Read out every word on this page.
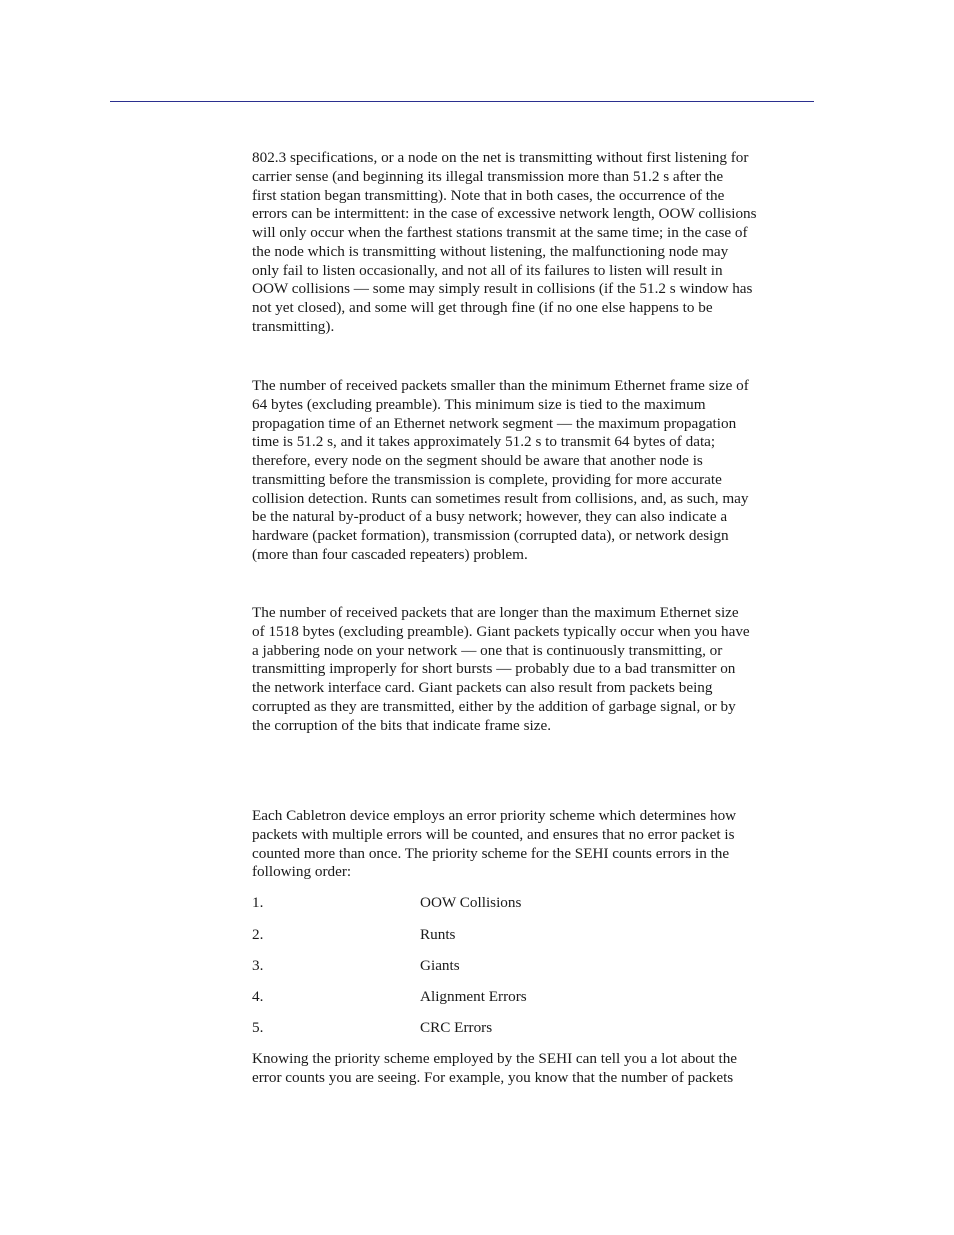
802.3 specifications, or a node on the net is transmitting without first listening for
carrier sense (and beginning its illegal transmission more than 51.2 s after the
first station began transmitting). Note that in both cases, the occurrence of the
errors can be intermittent: in the case of excessive network length, OOW collisions
will only occur when the farthest stations transmit at the same time; in the case of
the node which is transmitting without listening, the malfunctioning node may
only fail to listen occasionally, and not all of its failures to listen will result in
OOW collisions — some may simply result in collisions (if the 51.2 s window has
not yet closed), and some will get through fine (if no one else happens to be
transmitting).

The number of received packets smaller than the minimum Ethernet frame size of
64 bytes (excluding preamble). This minimum size is tied to the maximum
propagation time of an Ethernet network segment — the maximum propagation
time is 51.2 s, and it takes approximately 51.2 s to transmit 64 bytes of data;
therefore, every node on the segment should be aware that another node is
transmitting before the transmission is complete, providing for more accurate
collision detection. Runts can sometimes result from collisions, and, as such, may
be the natural by-product of a busy network; however, they can also indicate a
hardware (packet formation), transmission (corrupted data), or network design
(more than four cascaded repeaters) problem.

The number of received packets that are longer than the maximum Ethernet size
of 1518 bytes (excluding preamble). Giant packets typically occur when you have
a jabbering node on your network — one that is continuously transmitting, or
transmitting improperly for short bursts — probably due to a bad transmitter on
the network interface card. Giant packets can also result from packets being
corrupted as they are transmitted, either by the addition of garbage signal, or by
the corruption of the bits that indicate frame size.

Each Cabletron device employs an error priority scheme which determines how
packets with multiple errors will be counted, and ensures that no error packet is
counted more than once. The priority scheme for the SEHI counts errors in the
following order:

1.	OOW Collisions
2.	Runts
3.	Giants
4.	Alignment Errors
5.	CRC Errors

Knowing the priority scheme employed by the SEHI can tell you a lot about the
error counts you are seeing. For example, you know that the number of packets
